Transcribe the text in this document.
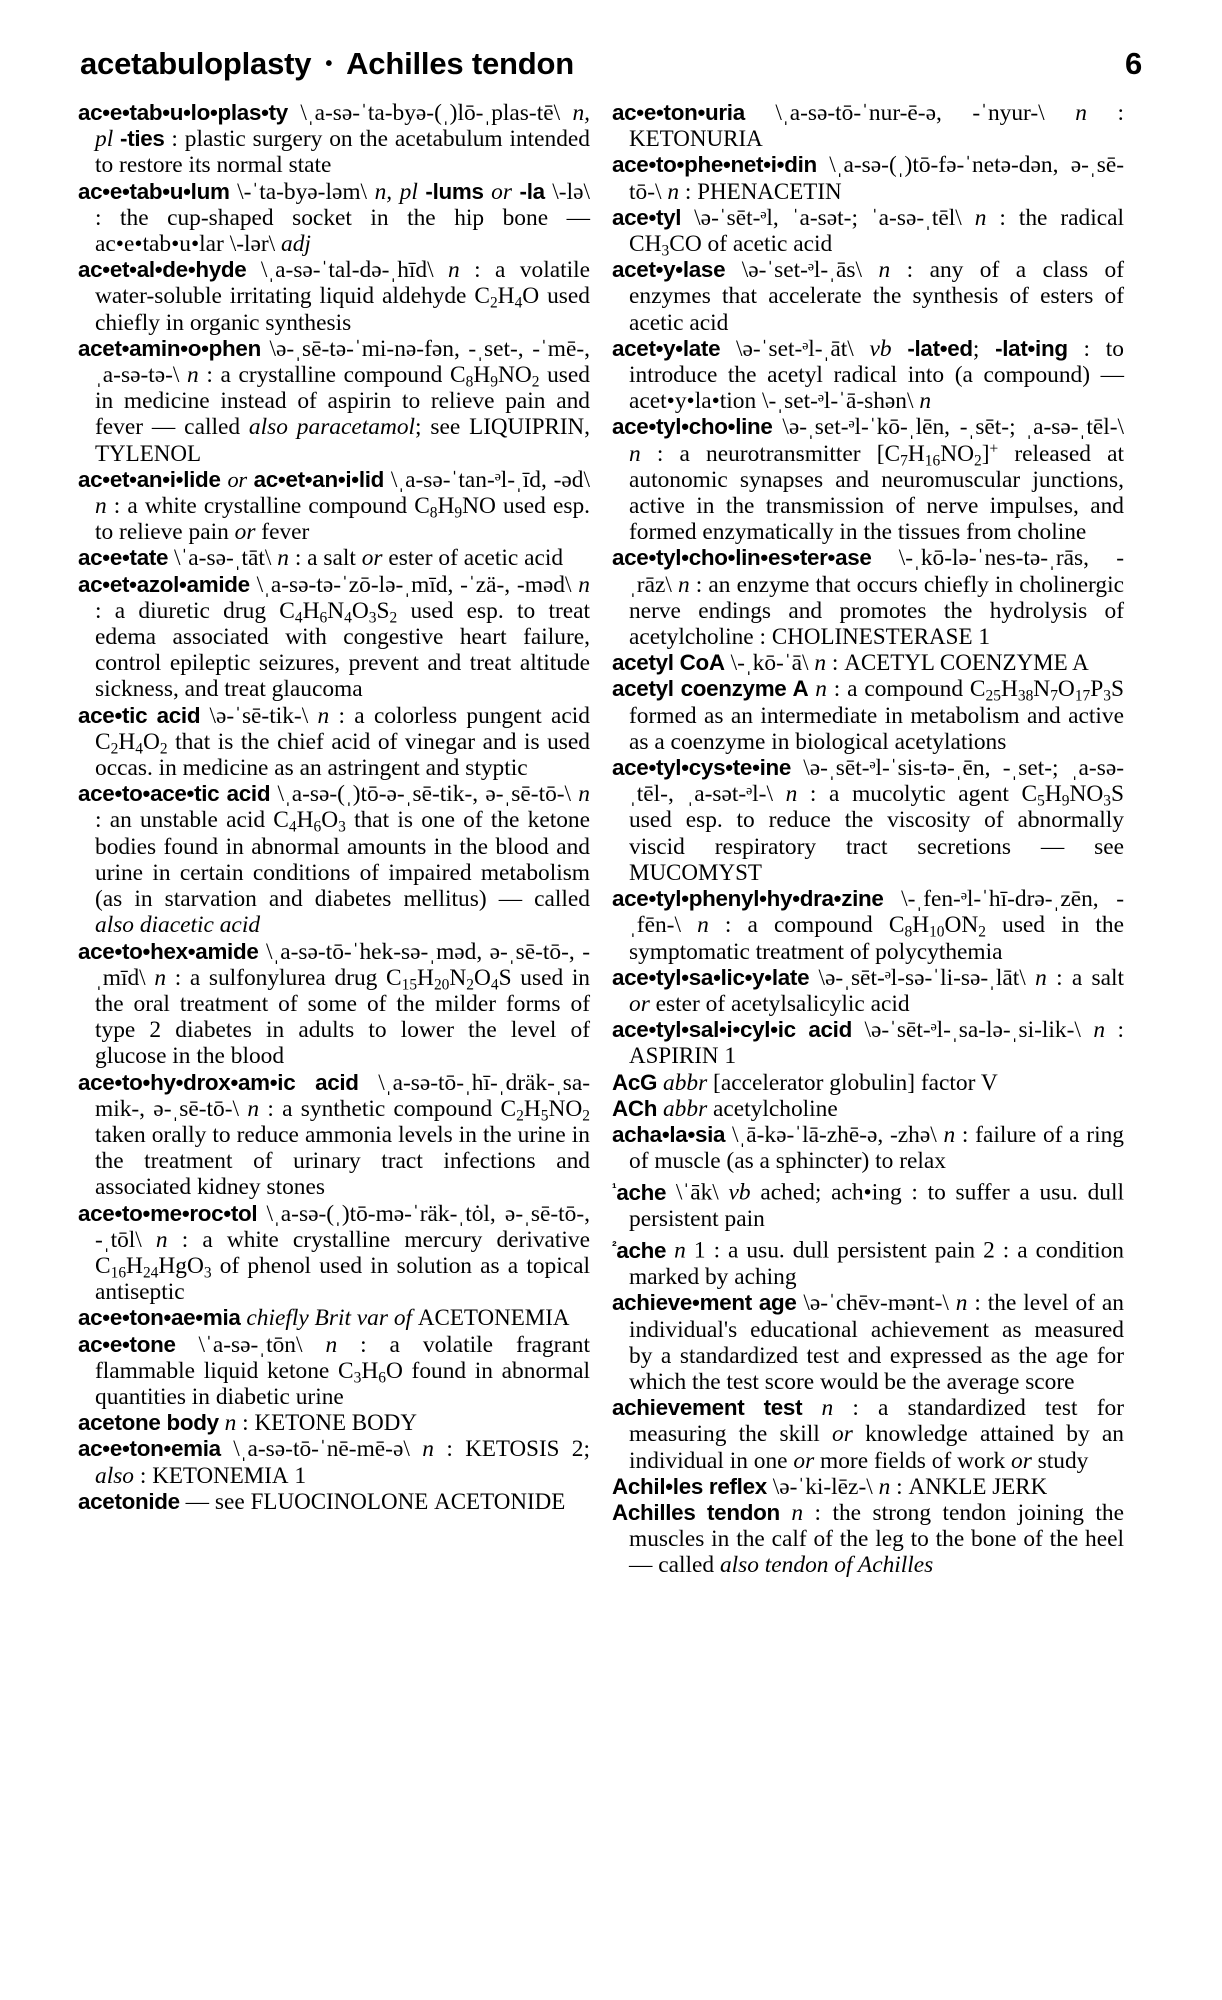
acetabuloplasty • Achilles tendon	6

ac•e•tab•u•lo•plas•ty \ˌa-sə-ˈta-byə-(ˌ)lō-ˌplas-tē\ n, pl -ties : plastic surgery on the acetabulum intended to restore its normal state

ac•e•tab•u•lum \-ˈta-byə-ləm\ n, pl -lums or -la \-lə\ : the cup-shaped socket in the hip bone — ac•e•tab•u•lar \-lər\ adj

ac•et•al•de•hyde \ˌa-sə-ˈtal-də-ˌhīd\ n : a volatile water-soluble irritating liquid aldehyde $C_2H_4O$ used chiefly in organic synthesis

acet•amin•o•phen \ə-ˌsē-tə-ˈmi-nə-fən, -ˌset-, -ˈmē-, ˌa-sə-tə-\ n : a crystalline compound $C_8H_9NO_2$ used in medicine instead of aspirin to relieve pain and fever — called also paracetamol; see LIQUIPRIN, TYLENOL

ac•et•an•i•lide or ac•et•an•i•lid \ˌa-sə-ˈtan-ᵊl-ˌīd, -əd\ n : a white crystalline compound $C_8H_9NO$ used esp. to relieve pain or fever

ac•e•tate \ˈa-sə-ˌtāt\ n : a salt or ester of acetic acid

ac•et•azol•amide \ˌa-sə-tə-ˈzō-lə-ˌmīd, -ˈzä-, -məd\ n : a diuretic drug $C_4H_6N_4O_3S_2$ used esp. to treat edema associated with congestive heart failure, control epileptic seizures, prevent and treat altitude sickness, and treat glaucoma

ace•tic acid \ə-ˈsē-tik-\ n : a colorless pungent acid $C_2H_4O_2$ that is the chief acid of vinegar and is used occas. in medicine as an astringent and styptic

ace•to•ace•tic acid \ˌa-sə-(ˌ)tō-ə-ˌsē-tik-, ə-ˌsē-tō-\ n : an unstable acid $C_4H_6O_3$ that is one of the ketone bodies found in abnormal amounts in the blood and urine in certain conditions of impaired metabolism (as in starvation and diabetes mellitus) — called also diacetic acid

ace•to•hex•amide \ˌa-sə-tō-ˈhek-sə-ˌməd, ə-ˌsē-tō-, -ˌmīd\ n : a sulfonylurea drug $C_{15}H_{20}N_2O_4S$ used in the oral treatment of some of the milder forms of type 2 diabetes in adults to lower the level of glucose in the blood

ace•to•hy•drox•am•ic acid \ˌa-sə-tō-ˌhī-ˌdräk-ˌsa-mik-, ə-ˌsē-tō-\ n : a synthetic compound $C_2H_5NO_2$ taken orally to reduce ammonia levels in the urine in the treatment of urinary tract infections and associated kidney stones

ace•to•me•roc•tol \ˌa-sə-(ˌ)tō-mə-ˈräk-ˌtȯl, ə-ˌsē-tō-, -ˌtōl\ n : a white crystalline mercury derivative $C_{16}H_{24}HgO_3$ of phenol used in solution as a topical antiseptic

ac•e•ton•ae•mia chiefly Brit var of ACETONEMIA

ac•e•tone \ˈa-sə-ˌtōn\ n : a volatile fragrant flammable liquid ketone $C_3H_6O$ found in abnormal quantities in diabetic urine

acetone body n : KETONE BODY

ac•e•ton•emia \ˌa-sə-tō-ˈnē-mē-ə\ n : KETOSIS 2; also : KETONEMIA 1

acetonide — see FLUOCINOLONE ACETONIDE

ac•e•ton•uria \ˌa-sə-tō-ˈnur-ē-ə, -ˈnyur-\ n : KETONURIA

ace•to•phe•net•i•din \ˌa-sə-(ˌ)tō-fə-ˈnetə-dən, ə-ˌsē-tō-\ n : PHENACETIN

ace•tyl \ə-ˈsēt-ᵊl, ˈa-sət-; ˈa-sə-ˌtēl\ n : the radical $CH_3CO$ of acetic acid

acet•y•lase \ə-ˈset-ᵊl-ˌās\ n : any of a class of enzymes that accelerate the synthesis of esters of acetic acid

acet•y•late \ə-ˈset-ᵊl-ˌāt\ vb -lat•ed; -lat•ing : to introduce the acetyl radical into (a compound) — acet•y•la•tion \-ˌset-ᵊl-ˈā-shən\ n

ace•tyl•cho•line \ə-ˌset-ᵊl-ˈkō-ˌlēn, -ˌsēt-; ˌa-sə-ˌtēl-\ n : a neurotransmitter $[C_7H_{16}NO_2]^+$ released at autonomic synapses and neuromuscular junctions, active in the transmission of nerve impulses, and formed enzymatically in the tissues from choline

ace•tyl•cho•lin•es•ter•ase \-ˌkō-lə-ˈnes-tə-ˌrās, -ˌrāz\ n : an enzyme that occurs chiefly in cholinergic nerve endings and promotes the hydrolysis of acetylcholine : CHOLINESTERASE 1

acetyl CoA \-ˌkō-ˈā\ n : ACETYL COENZYME A

acetyl coenzyme A n : a compound $C_{25}H_{38}N_7O_{17}P_3S$ formed as an intermediate in metabolism and active as a coenzyme in biological acetylations

ace•tyl•cys•te•ine \ə-ˌsēt-ᵊl-ˈsis-tə-ˌēn, -ˌset-; ˌa-sə-ˌtēl-, ˌa-sət-ᵊl-\ n : a mucolytic agent $C_5H_9NO_3S$ used esp. to reduce the viscosity of abnormally viscid respiratory tract secretions — see MUCOMYST

ace•tyl•phenyl•hy•dra•zine \-ˌfen-ᵊl-ˈhī-drə-ˌzēn, -ˌfēn-\ n : a compound $C_8H_{10}ON_2$ used in the symptomatic treatment of polycythemia

ace•tyl•sa•lic•y•late \ə-ˌsēt-ᵊl-sə-ˈli-sə-ˌlāt\ n : a salt or ester of acetylsalicylic acid

ace•tyl•sal•i•cyl•ic acid \ə-ˈsēt-ᵊl-ˌsa-lə-ˌsi-lik-\ n : ASPIRIN 1

AcG abbr [accelerator globulin] factor V

ACh abbr acetylcholine

acha•la•sia \ˌā-kə-ˈlā-zhē-ə, -zhə\ n : failure of a ring of muscle (as a sphincter) to relax

$^{^1}$ache \ˈāk\ vb ached; ach•ing : to suffer a usu. dull persistent pain

$^{^2}$ache n 1 : a usu. dull persistent pain 2 : a condition marked by aching

achieve•ment age \ə-ˈchēv-mənt-\ n : the level of an individual's educational achievement as measured by a standardized test and expressed as the age for which the test score would be the average score

achievement test n : a standardized test for measuring the skill or knowledge attained by an individual in one or more fields of work or study

Achil•les reflex \ə-ˈki-lēz-\ n : ANKLE JERK

Achilles tendon n : the strong tendon joining the muscles in the calf of the leg to the bone of the heel — called also tendon of Achilles
